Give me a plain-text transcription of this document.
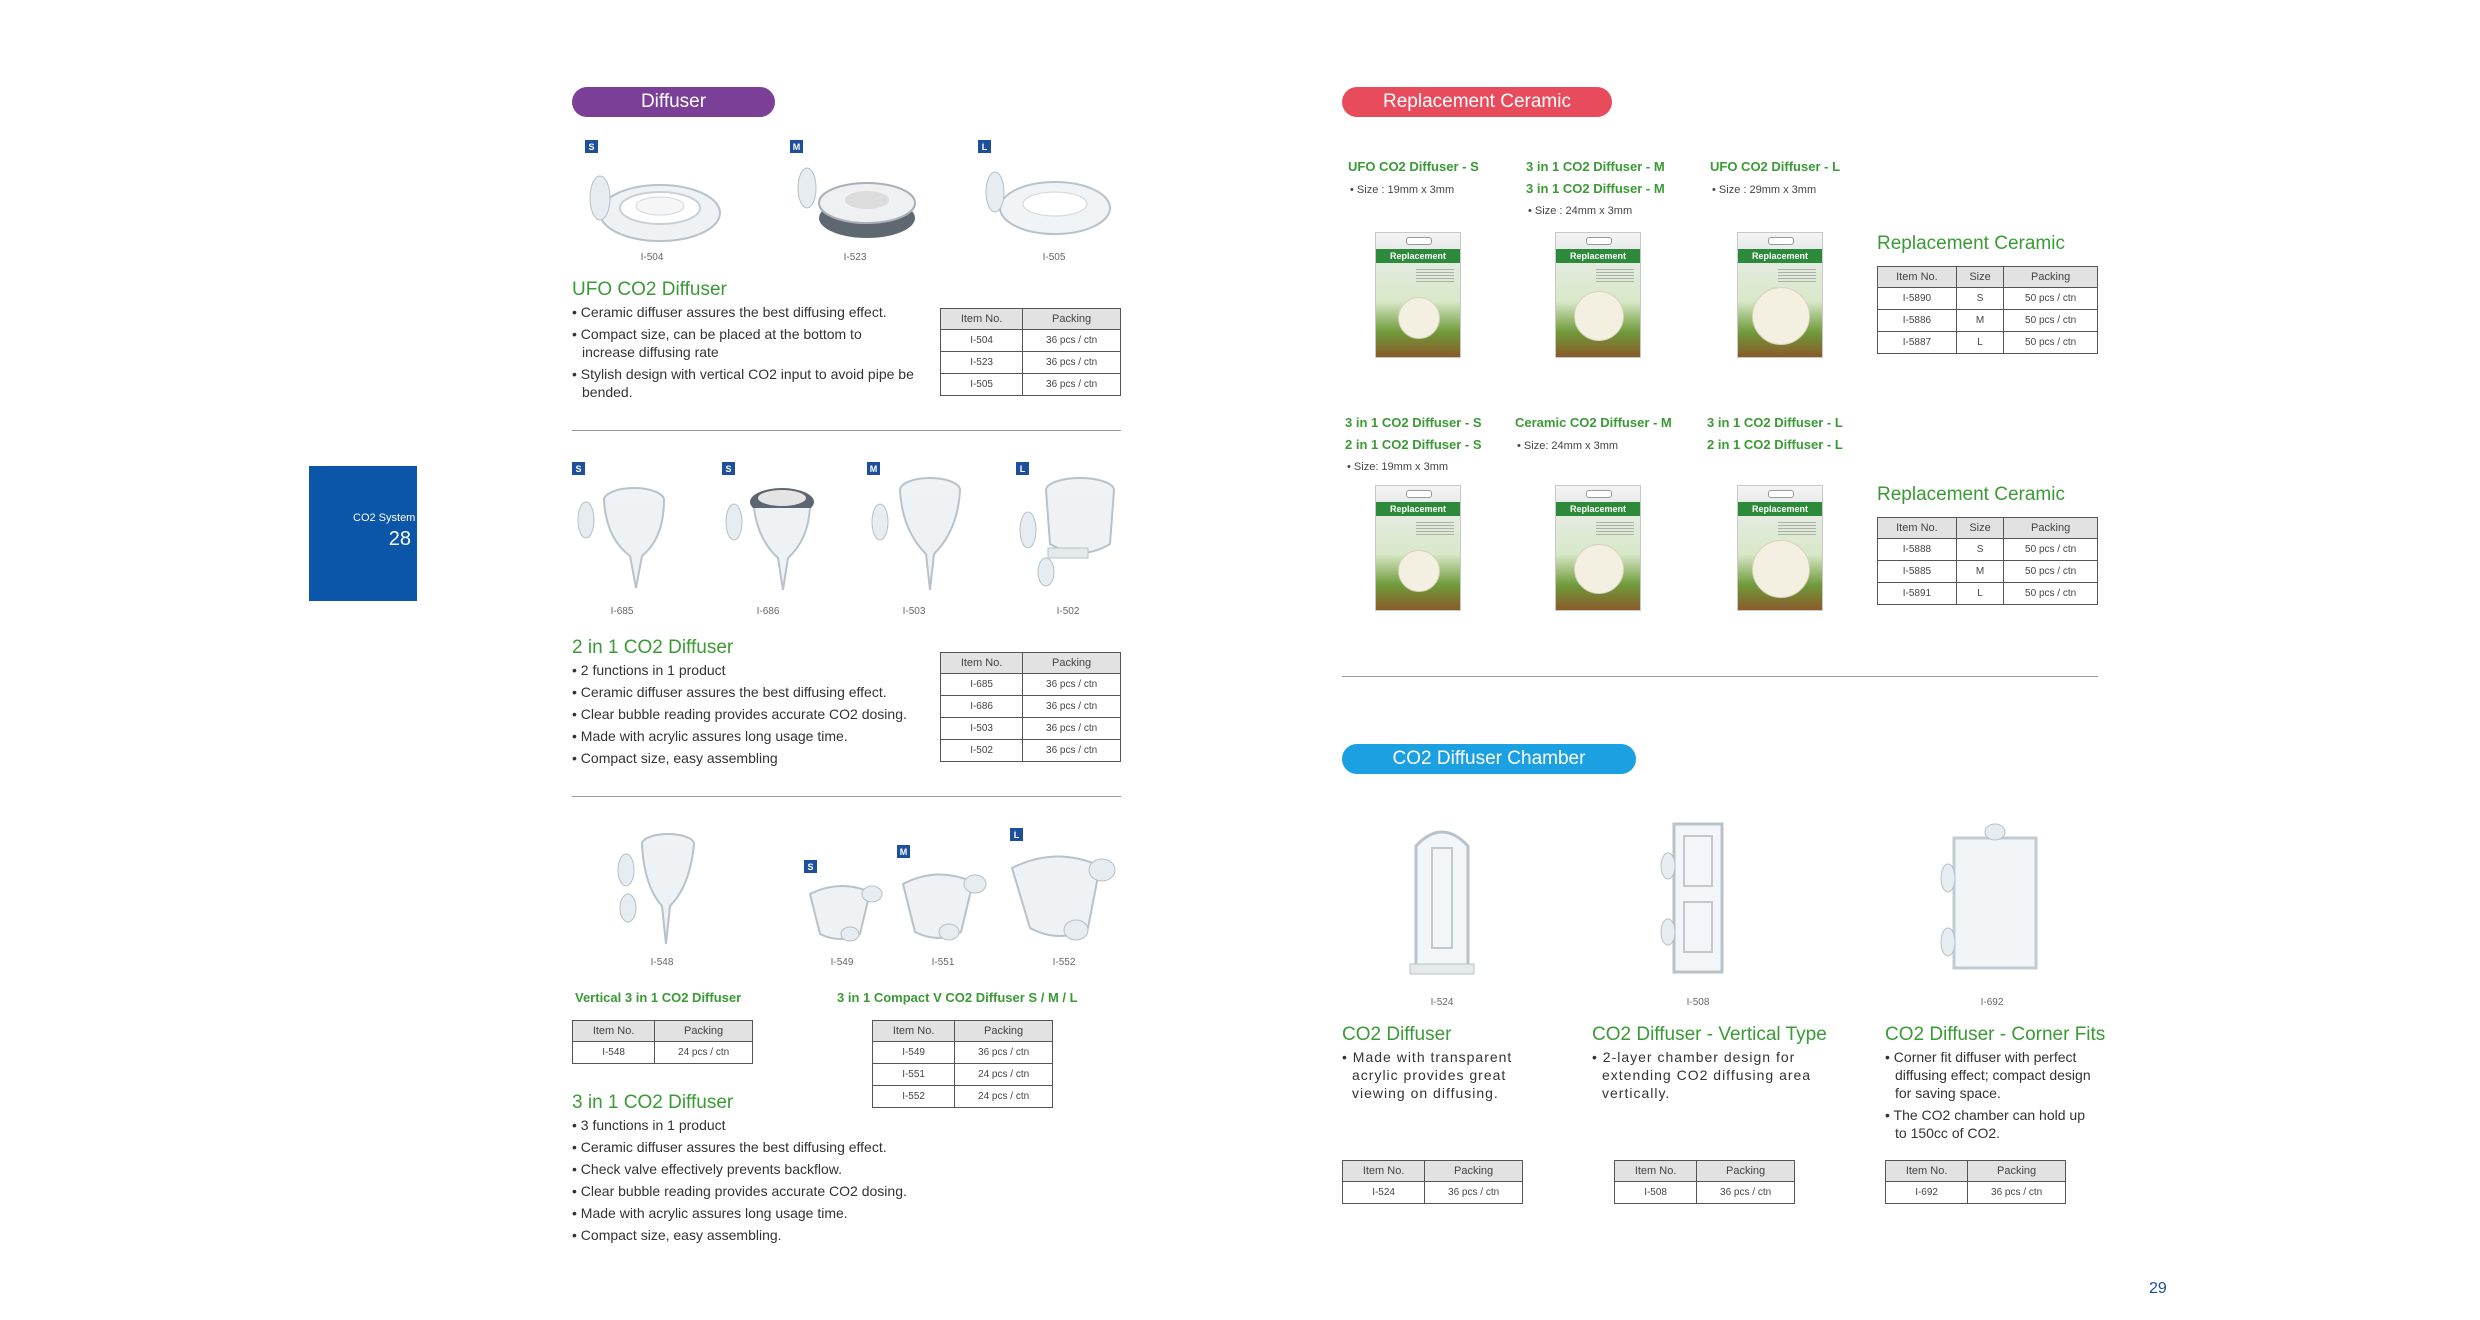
Diffuser
CO2 System
28
S	M	L
I-504	I-523	I-505
UFO CO2 Diffuser
• Ceramic diffuser assures the best diffusing effect.
• Compact size, can be placed at the bottom to increase diffusing rate
• Stylish design with vertical CO2 input to avoid pipe be bended.
Item No.	Packing
I-504	36 pcs / ctn
I-523	36 pcs / ctn
I-505	36 pcs / ctn
S	S	M	L
I-685	I-686	I-503	I-502
2 in 1 CO2 Diffuser
• 2 functions in 1 product
• Ceramic diffuser assures the best diffusing effect.
• Clear bubble reading provides accurate CO2 dosing.
• Made with acrylic assures long usage time.
• Compact size, easy assembling
Item No.	Packing
I-685	36 pcs / ctn
I-686	36 pcs / ctn
I-503	36 pcs / ctn
I-502	36 pcs / ctn
S
M
L
I-548	I-549	I-551	I-552
Vertical 3 in 1 CO2 Diffuser	3 in 1 Compact V CO2 Diffuser S / M / L
Item No.	Packing
I-548	24 pcs / ctn
Item No.	Packing
I-549	36 pcs / ctn
I-551	24 pcs / ctn
I-552	24 pcs / ctn
3 in 1 CO2 Diffuser
• 3 functions in 1 product
• Ceramic diffuser assures the best diffusing effect.
• Check valve effectively prevents backflow.
• Clear bubble reading provides accurate CO2 dosing.
• Made with acrylic assures long usage time.
• Compact size, easy assembling.
Replacement Ceramic
UFO CO2 Diffuser - S
• Size : 19mm x 3mm
3 in 1 CO2 Diffuser - M
3 in 1 CO2 Diffuser - M
• Size : 24mm x 3mm
UFO CO2 Diffuser - L
• Size : 29mm x 3mm
Replacement	Replacement	Replacement
Replacement Ceramic
Item No.	Size	Packing
I-5890	S	50 pcs / ctn
I-5886	M	50 pcs / ctn
I-5887	L	50 pcs / ctn
3 in 1 CO2 Diffuser - S
2 in 1 CO2 Diffuser - S
• Size: 19mm x 3mm
Ceramic CO2 Diffuser - M
• Size: 24mm x 3mm
3 in 1 CO2 Diffuser - L
2 in 1 CO2 Diffuser - L
Replacement	Replacement	Replacement
Replacement Ceramic
Item No.	Size	Packing
I-5888	S	50 pcs / ctn
I-5885	M	50 pcs / ctn
I-5891	L	50 pcs / ctn
CO2 Diffuser Chamber
I-524	I-508	I-692
CO2 Diffuser	CO2 Diffuser - Vertical Type	CO2 Diffuser - Corner Fits
• Made with transparent acrylic provides great viewing on diffusing.
• 2-layer chamber design for extending CO2 diffusing area vertically.
• Corner fit diffuser with perfect diffusing effect; compact design for saving space.
• The CO2 chamber can hold up to 150cc of CO2.
Item No.	Packing
I-524	36 pcs / ctn
Item No.	Packing
I-508	36 pcs / ctn
Item No.	Packing
I-692	36 pcs / ctn
29
